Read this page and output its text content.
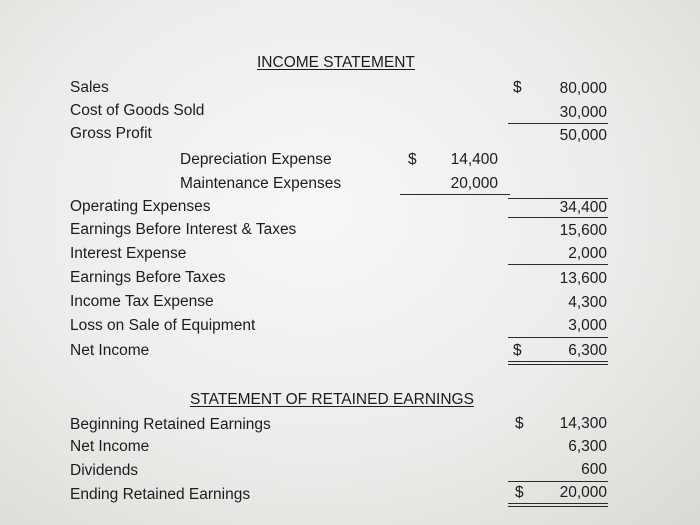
INCOME STATEMENT
Sales	$ 80,000
Cost of Goods Sold	30,000
Gross Profit	50,000
Depreciation Expense	$ 14,400
Maintenance Expenses	20,000
Operating Expenses	34,400
Earnings Before Interest & Taxes	15,600
Interest Expense	2,000
Earnings Before Taxes	13,600
Income Tax Expense	4,300
Loss on Sale of Equipment	3,000
Net Income	$	6,300
STATEMENT OF RETAINED EARNINGS
Beginning Retained Earnings	$ 14,300
Net Income	6,300
Dividends	600
Ending Retained Earnings	$ 20,000
